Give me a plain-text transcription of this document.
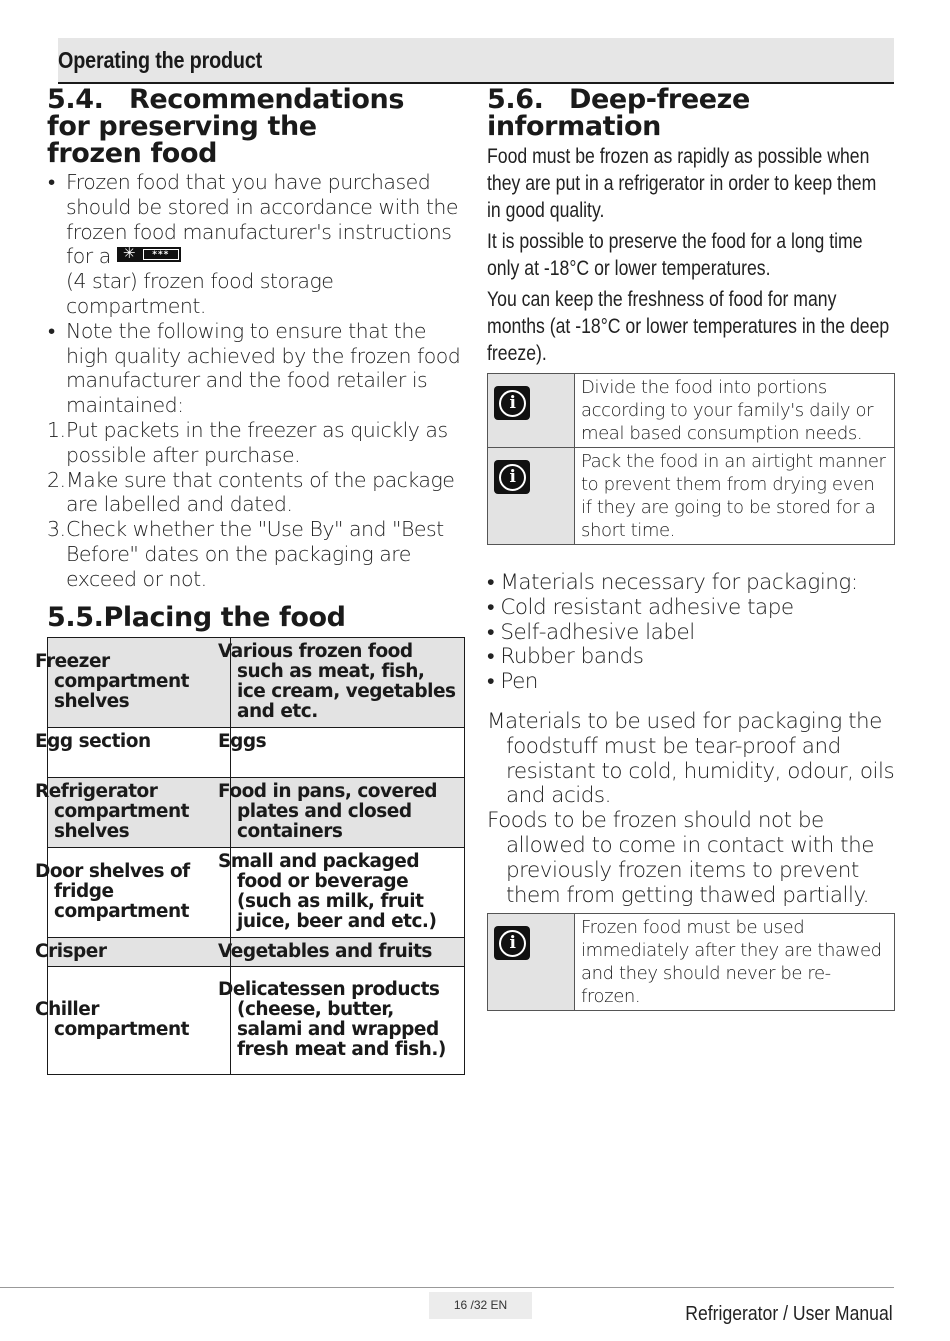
Operating the product
5.4. Recommendations for preserving the frozen food
• Frozen food that you have purchased should be stored in accordance with the frozen food manufacturer's instructions for a ✳	***

(4 star) frozen food storage compartment.
• Note the following to ensure that the high quality achieved by the frozen food manufacturer and the food retailer is maintained:
1. Put packets in the freezer as quickly as possible after purchase.
2. Make sure that contents of the package are labelled and dated.
3. Check whether the "Use By" and "Best Before" dates on the packaging are exceed or not.
5.5.Placing the food
Freezer compartment shelves	Various frozen food such as meat, fish, ice cream, vegetables and etc.
Egg section	Eggs
Refrigerator compartment shelves	Food in pans, covered plates and closed containers
Door shelves of fridge compartment	Small and packaged food or beverage (such as milk, fruit juice, beer and etc.)
Crisper	Vegetables and fruits
Chiller compartment	Delicatessen products (cheese, butter, salami and wrapped fresh meat and fish.)
5.6. Deep-freeze
information

Food must be frozen as rapidly as possible when they are put in a refrigerator in order to keep them in good quality.

It is possible to preserve the food for a long time only at -18°C or lower temperatures.

You can keep the freshness of food for many months (at -18°C or lower temperatures in the deep freeze).

i	Divide the food into portions according to your family's daily or meal based consumption needs.

i	Pack the food in an airtight manner to prevent them from drying even if they are going to be stored for a short time.
• Materials necessary for packaging:
• Cold resistant adhesive tape
• Self-adhesive label
• Rubber bands
• Pen

Materials to be used for packaging the foodstuff must be tear-proof and resistant to cold, humidity, odour, oils and acids.

Foods to be frozen should not be allowed to come in contact with the previously frozen items to prevent them from getting thawed partially.

i
	Frozen food must be used immediately after they are thawed and they should never be re-frozen.
16 /32 EN	Refrigerator / User Manual
